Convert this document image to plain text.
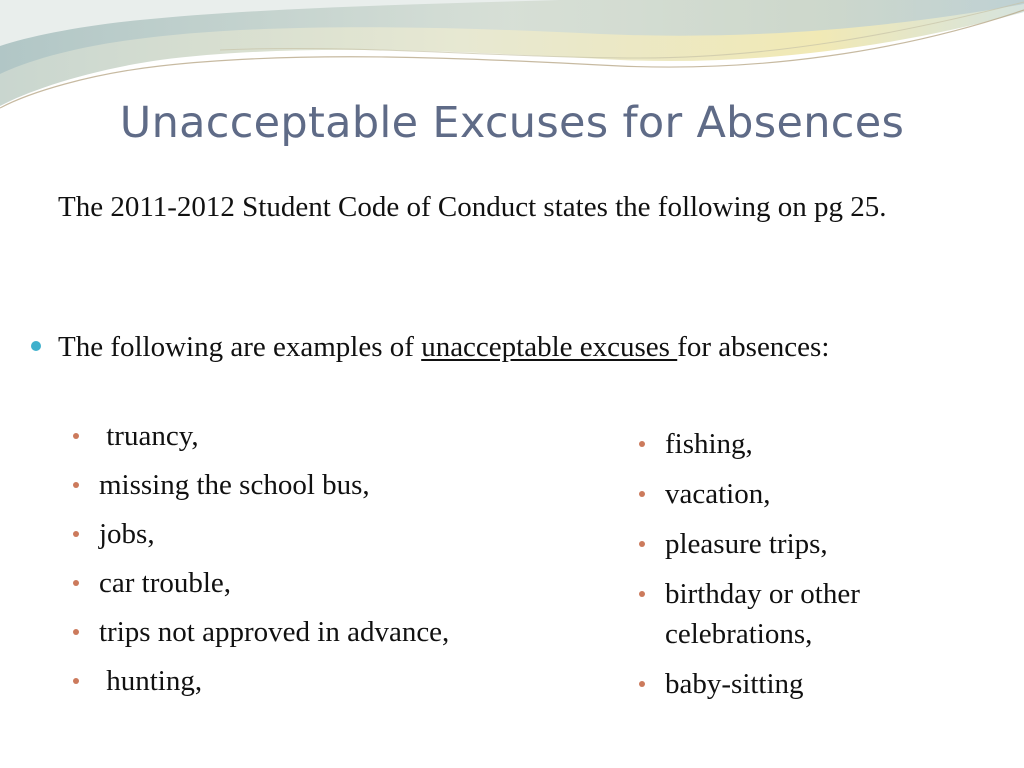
Unacceptable Excuses for Absences
The 2011-2012 Student Code of Conduct states the following on pg 25.
The following are examples of unacceptable excuses for absences:
truancy,
missing the school bus,
jobs,
car trouble,
trips not approved in advance,
hunting,
fishing,
vacation,
pleasure trips,
birthday or other celebrations,
baby-sitting
